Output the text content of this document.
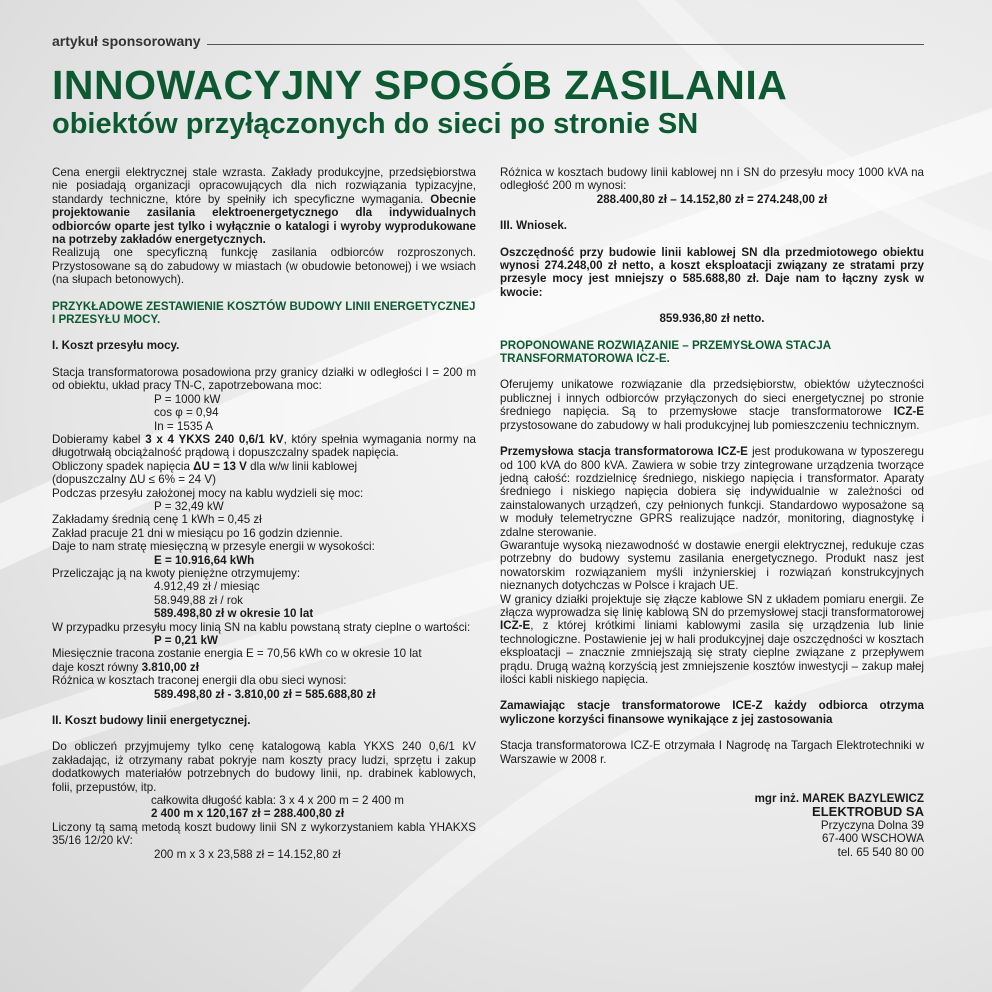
artykuł sponsorowany
INNOWACYJNY SPOSÓB ZASILANIA
obiektów przyłączonych do sieci po stronie SN

Cena energii elektrycznej stale wzrasta. Zakłady produkcyjne, przedsiębiorstwa nie posiadają organizacji opracowujących dla nich rozwiązania typizacyjne, standardy techniczne, które by spełniły ich specyficzne wymagania. Obecnie projektowanie zasilania elektroenergetycznego dla indywidualnych odbiorców oparte jest tylko i wyłącznie o katalogi i wyroby wyprodukowane na potrzeby zakładów energetycznych.

Realizują one specyficzną funkcję zasilania odbiorców rozproszonych. Przystosowane są do zabudowy w miastach (w obudowie betonowej) i we wsiach (na słupach betonowych).

PRZYKŁADOWE ZESTAWIENIE KOSZTÓW BUDOWY LINII ENERGETYCZNEJ I PRZESYŁU MOCY.

I. Koszt przesyłu mocy.

Stacja transformatorowa posadowiona przy granicy działki w odległości l = 200 m od obiektu, układ pracy TN-C, zapotrzebowana moc:

P = 1000 kW
cos φ = 0,94
In = 1535 A

Dobieramy kabel 3 x 4 YKXS 240 0,6/1 kV, który spełnia wymagania normy na długotrwałą obciążalność prądową i dopuszczalny spadek napięcia.

Obliczony spadek napięcia ΔU = 13 V dla w/w linii kablowej
(dopuszczalny ΔU ≤ 6% = 24 V)
Podczas przesyłu założonej mocy na kablu wydzieli się moc:
P = 32,49 kW
Zakładamy średnią cenę 1 kWh = 0,45 zł
Zakład pracuje 21 dni w miesiącu po 16 godzin dziennie.
Daje to nam stratę miesięczną w przesyle energii w wysokości:
E = 10.916,64 kWh
Przeliczając ją na kwoty pieniężne otrzymujemy:
4.912,49 zł / miesiąc
58.949,88 zł / rok
589.498,80 zł w okresie 10 lat

W przypadku przesyłu mocy linią SN na kablu powstaną straty cieplne o wartości:

P = 0,21 kW
Miesięcznie tracona zostanie energia E = 70,56 kWh co w okresie 10 lat
daje koszt równy 3.810,00 zł
Różnica w kosztach traconej energii dla obu sieci wynosi:
589.498,80 zł - 3.810,00 zł = 585.688,80 zł

II. Koszt budowy linii energetycznej.

Do obliczeń przyjmujemy tylko cenę katalogową kabla YKXS 240 0,6/1 kV zakładając, iż otrzymany rabat pokryje nam koszty pracy ludzi, sprzętu i zakup dodatkowych materiałów potrzebnych do budowy linii, np. drabinek kablowych, folii, przepustów, itp.

całkowita długość kabla: 3 x 4 x 200 m = 2 400 m
2 400 m x 120,167 zł = 288.400,80 zł

Liczony tą samą metodą koszt budowy linii SN z wykorzystaniem kabla YHAKXS 35/16 12/20 kV:

200 m x 3 x 23,588 zł = 14.152,80 zł

Różnica w kosztach budowy linii kablowej nn i SN do przesyłu mocy 1000 kVA na odległość 200 m wynosi:

288.400,80 zł – 14.152,80 zł = 274.248,00 zł

III. Wniosek.

Oszczędność przy budowie linii kablowej SN dla przedmiotowego obiektu wynosi 274.248,00 zł netto, a koszt eksploatacji związany ze stratami przy przesyle mocy jest mniejszy o 585.688,80 zł. Daje nam to łączny zysk w kwocie:

859.936,80 zł netto.

PROPONOWANE ROZWIĄZANIE – PRZEMYSŁOWA STACJA TRANSFORMATOROWA ICZ-E.

Oferujemy unikatowe rozwiązanie dla przedsiębiorstw, obiektów użyteczności publicznej i innych odbiorców przyłączonych do sieci energetycznej po stronie średniego napięcia. Są to przemysłowe stacje transformatorowe ICZ-E przystosowane do zabudowy w hali produkcyjnej lub pomieszczeniu technicznym.

Przemysłowa stacja transformatorowa ICZ-E jest produkowana w typoszeregu od 100 kVA do 800 kVA. Zawiera w sobie trzy zintegrowane urządzenia tworzące jedną całość: rozdzielnicę średniego, niskiego napięcia i transformator. Aparaty średniego i niskiego napięcia dobiera się indywidualnie w zależności od zainstalowanych urządzeń, czy pełnionych funkcji. Standardowo wyposażone są w moduły telemetryczne GPRS realizujące nadzór, monitoring, diagnostykę i zdalne sterowanie.

Gwarantuje wysoką niezawodność w dostawie energii elektrycznej, redukuje czas potrzebny do budowy systemu zasilania energetycznego. Produkt nasz jest nowatorskim rozwiązaniem myśli inżynierskiej i rozwiązań konstrukcyjnych nieznanych dotychczas w Polsce i krajach UE.

W granicy działki projektuje się złącze kablowe SN z układem pomiaru energii. Ze złącza wyprowadza się linię kablową SN do przemysłowej stacji transformatorowej ICZ-E, z której krótkimi liniami kablowymi zasila się urządzenia lub linie technologiczne. Postawienie jej w hali produkcyjnej daje oszczędności w kosztach eksploatacji – znacznie zmniejszają się straty cieplne związane z przepływem prądu. Drugą ważną korzyścią jest zmniejszenie kosztów inwestycji – zakup małej ilości kabli niskiego napięcia.

Zamawiając stacje transformatorowe ICE-Z każdy odbiorca otrzyma wyliczone korzyści finansowe wynikające z jej zastosowania

Stacja transformatorowa ICZ-E otrzymała I Nagrodę na Targach Elektrotechniki w Warszawie w 2008 r.

mgr inż. MAREK BAZYLEWICZ
ELEKTROBUD SA
Przyczyna Dolna 39
67-400 WSCHOWA
tel. 65 540 80 00
